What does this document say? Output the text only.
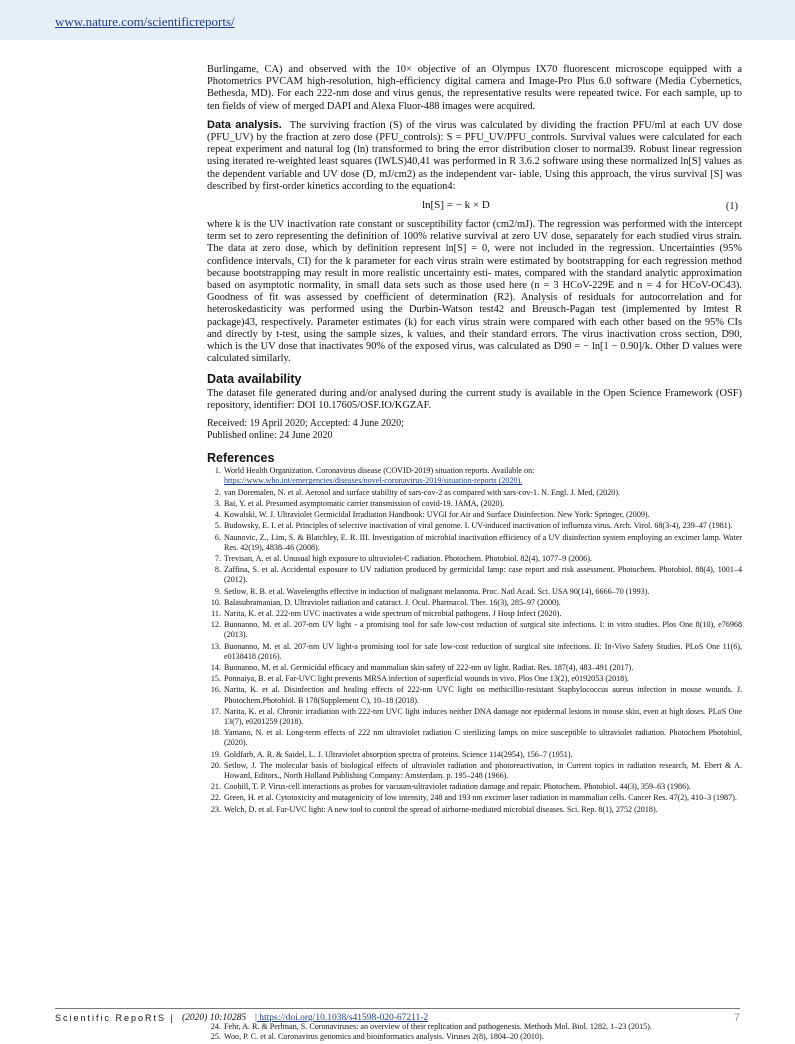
www.nature.com/scientificreports/

Burlingame, CA) and observed with the 10× objective of an Olympus IX70 fluorescent microscope equipped with a Photometrics PVCAM high-resolution, high-efficiency digital camera and Image-Pro Plus 6.0 software (Media Cybernetics, Bethesda, MD). For each 222-nm dose and virus genus, the representative results were repeated twice. For each sample, up to ten fields of view of merged DAPI and Alexa Fluor-488 images were acquired.

Data analysis. The surviving fraction (S) of the virus was calculated by dividing the fraction PFU/ml at each UV dose (PFU_UV) by the fraction at zero dose (PFU_controls): S = PFU_UV/PFU_controls. Survival values were calculated for each repeat experiment and natural log (ln) transformed to bring the error distribution closer to normal39. Robust linear regression using iterated re-weighted least squares (IWLS)40,41 was performed in R 3.6.2 software using these normalized ln[S] values as the dependent variable and UV dose (D, mJ/cm2) as the independent var- iable. Using this approach, the virus survival [S] was described by first-order kinetics according to the equation4:

ln[S] = − k × D	(1)

where k is the UV inactivation rate constant or susceptibility factor (cm2/mJ). The regression was performed with the intercept term set to zero representing the definition of 100% relative survival at zero UV dose, separately for each studied virus strain. The data at zero dose, which by definition represent ln[S] = 0, were not included in the regression. Uncertainties (95% confidence intervals, CI) for the k parameter for each virus strain were estimated by bootstrapping for each regression method because bootstrapping may result in more realistic uncertainty esti- mates, compared with the standard analytic approximation based on asymptotic normality, in small data sets such as those used here (n = 3 HCoV-229E and n = 4 for HCoV-OC43). Goodness of fit was assessed by coefficient of determination (R2). Analysis of residuals for autocorrelation and for heteroskedasticity was performed using the Durbin-Watson test42 and Breusch-Pagan test (implemented by lmtest R package)43, respectively. Parameter estimates (k) for each virus strain were compared with each other based on the 95% CIs and directly by t-test, using the sample sizes, k values, and their standard errors. The virus inactivation cross section, D90, which is the UV dose that inactivates 90% of the exposed virus, was calculated as D90 = − ln[1 − 0.90]/k. Other D values were calculated similarly.

Data availability

The dataset file generated during and/or analysed during the current study is available in the Open Science Framework (OSF) repository, identifier: DOI 10.17605/OSF.IO/KGZAF.

Received: 19 April 2020; Accepted: 4 June 2020;
Published online: 24 June 2020
References
1. World Health Organization. Coronavirus disease (COVID-2019) situation reports. Available on:
https://www.who.int/emergencies/diseases/novel-coronavirus-2019/situation-reports (2020).
2. van Doremalen, N. et al. Aerosol and surface stability of sars-cov-2 as compared with sars-cov-1. N. Engl. J. Med, (2020).
3. Bai, Y. et al. Presumed asymptomatic carrier transmission of covid-19. JAMA, (2020).
4. Kowalski, W. J. Ultraviolet Germicidal Irradiation Handbook: UVGI for Air and Surface Disinfection. New York: Springer, (2009).
5. Budowsky, E. I. et al. Principles of selective inactivation of viral genome. I. UV-induced inactivation of influenza virus. Arch. Virol. 68(3-4), 239–47 (1981).
6. Naunovic, Z., Lim, S. & Blatchley, E. R. III. Investigation of microbial inactivation efficiency of a UV disinfection system employing an excimer lamp. Water Res. 42(19), 4838–46 (2008).
7. Trevisan, A. et al. Unusual high exposure to ultraviolet-C radiation. Photochem. Photobiol. 82(4), 1077–9 (2006).
8. Zaffina, S. et al. Accidental exposure to UV radiation produced by germicidal lamp: case report and risk assessment. Photochem. Photobiol. 88(4), 1001–4 (2012).
9. Setlow, R. B. et al. Wavelengths effective in induction of malignant melanoma. Proc. Natl Acad. Sci. USA 90(14), 6666–70 (1993).
10. Balasubramanian, D. Ultraviolet radiation and cataract. J. Ocul. Pharmacol. Ther. 16(3), 285–97 (2000).
11. Narita, K. et al. 222-nm UVC inactivates a wide spectrum of microbial pathogens. J Hosp Infect (2020).
12. Buonanno, M. et al. 207-nm UV light - a promising tool for safe low-cost reduction of surgical site infections. I: in vitro studies. Plos One 8(10), e76968 (2013).
13. Buonanno, M. et al. 207-nm UV light-a promising tool for safe low-cost reduction of surgical site infections. II: In-Vivo Safety Studies. PLoS One 11(6), e0138418 (2016).
14. Buonanno, M. et al. Germicidal efficacy and mammalian skin safety of 222-nm uv light. Radiat. Res. 187(4), 483–491 (2017).
15. Ponnaiya, B. et al. Far-UVC light prevents MRSA infection of superficial wounds in vivo. Plos One 13(2), e0192053 (2018).
16. Narita, K. et al. Disinfection and healing effects of 222-nm UVC light on methicillin-resistant Staphylococcus aureus infection in mouse wounds. J. Photochem.Photobiol. B 178(Supplement C), 10–18 (2018).
17. Narita, K. et al. Chronic irradiation with 222-nm UVC light induces neither DNA damage nor epidermal lesions in mouse skin, even at high doses. PLoS One 13(7), e0201259 (2018).
18. Yamano, N. et al. Long-term effects of 222 nm ultraviolet radiation C sterilizing lamps on mice susceptible to ultraviolet radiation. Photochem Photobiol, (2020).
19. Goldfarb, A. R. & Saidel, L. J. Ultraviolet absorption spectra of proteins. Science 114(2954), 156–7 (1951).
20. Setlow, J. The molecular basis of biological effects of ultraviolet radiation and photoreactivation, in Current topics in radiation research, M. Ebert & A. Howard, Editors., North Holland Publishing Company: Amsterdam. p. 195–248 (1966).
21. Coohill, T. P. Virus-cell interactions as probes for vacuum-ultraviolet radiation damage and repair. Photochem. Photobiol. 44(3), 359–63 (1986).
22. Green, H. et al. Cytotoxicity and mutagenicity of low intensity, 248 and 193 nm excimer laser radiation in mammalian cells. Cancer Res. 47(2), 410–3 (1987).
23. Welch, D. et al. Far-UVC light: A new tool to control the spread of airborne-mediated microbial diseases. Sci. Rep. 8(1), 2752 (2018).
Scientific RepoRtS | (2020) 10:10285 | https://doi.org/10.1038/s41598-020-67211-2	7
24. Fehr, A. R. & Perlman, S. Coronaviruses: an overview of their replication and pathogenesis. Methods Mol. Biol. 1282, 1–23 (2015).
25. Woo, P. C. et al. Coronavirus genomics and bioinformatics analysis. Viruses 2(8), 1804–20 (2010).
